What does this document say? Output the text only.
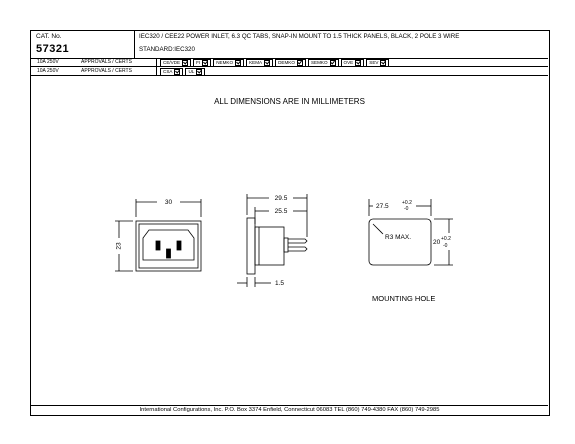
CAT. No.
57321
IEC320 / CEE22 POWER INLET, 6.3 QC TABS, SNAP-IN MOUNT TO 1.5 THICK PANELS, BLACK, 2 POLE 3 WIRE
STANDARD:IEC320
10A 250V	APPROVALS / CERTS	CE/VDE	FI	NEMKO	KEMA	DEMKO	SEMKO	OVE	SEV
10A 250V	APPROVALS / CERTS	CSA	UL
ALL DIMENSIONS ARE IN MILLIMETERS
30
23
29.5
25.5
1.5
27.5	+0.2
-0
20 +0.2
-0
R3 MAX.
MOUNTING HOLE
International Configurations, Inc. P.O. Box 3374 Enfield, Connecticut 06083 TEL (860) 749-4380 FAX (860) 749-2985
